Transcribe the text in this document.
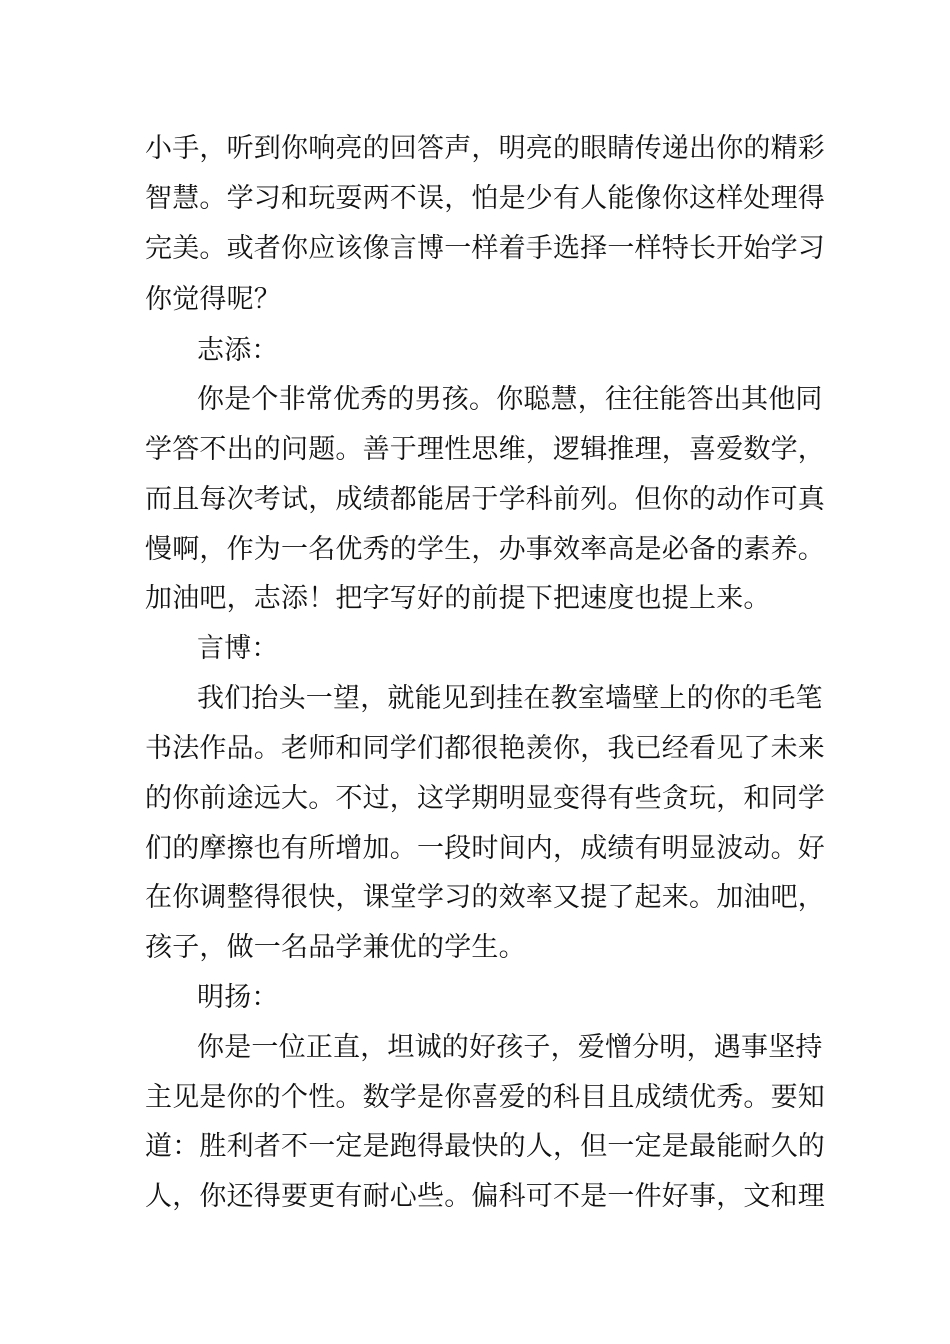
小手，听到你响亮的回答声，明亮的眼睛传递出你的精彩
智慧。学习和玩耍两不误，怕是少有人能像你这样处理得
完美。或者你应该像言博一样着手选择一样特长开始学习
你觉得呢？
志添：
你是个非常优秀的男孩。你聪慧，往往能答出其他同
学答不出的问题。善于理性思维，逻辑推理，喜爱数学，
而且每次考试，成绩都能居于学科前列。但你的动作可真
慢啊，作为一名优秀的学生，办事效率高是必备的素养。
加油吧，志添！把字写好的前提下把速度也提上来。
言博：
我们抬头一望，就能见到挂在教室墙壁上的你的毛笔
书法作品。老师和同学们都很艳羡你，我已经看见了未来
的你前途远大。不过，这学期明显变得有些贪玩，和同学
们的摩擦也有所增加。一段时间内，成绩有明显波动。好
在你调整得很快，课堂学习的效率又提了起来。加油吧，
孩子，做一名品学兼优的学生。
明扬：
你是一位正直，坦诚的好孩子，爱憎分明，遇事坚持
主见是你的个性。数学是你喜爱的科目且成绩优秀。要知
道：胜利者不一定是跑得最快的人，但一定是最能耐久的
人，你还得要更有耐心些。偏科可不是一件好事，文和理
